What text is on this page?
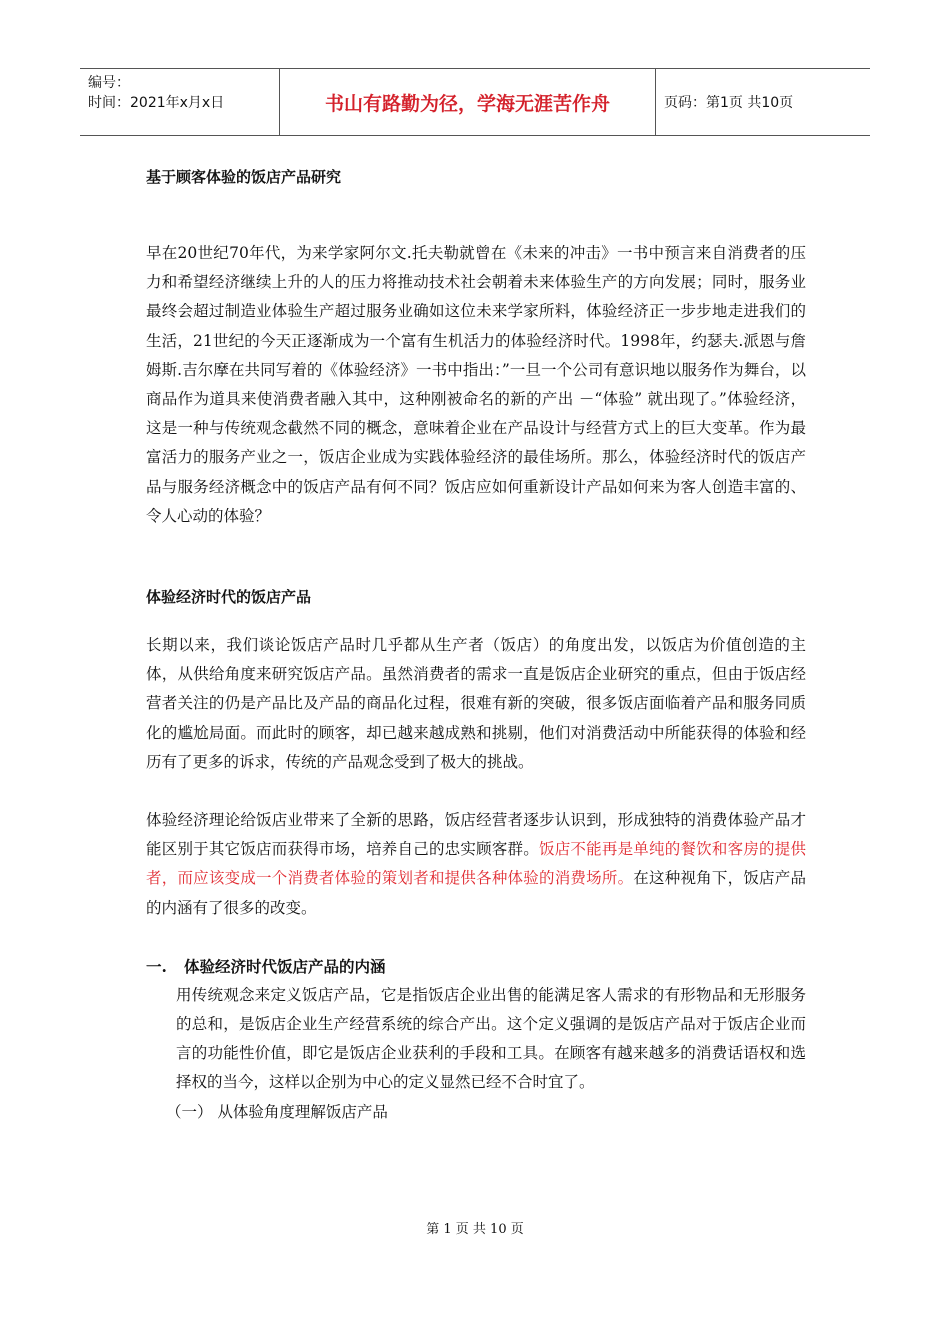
编号：
时间：2021年x月x日	书山有路勤为径，学海无涯苦作舟	页码：第1页 共10页

基于顾客体验的饭店产品研究

早在20世纪70年代，为来学家阿尔文.托夫勒就曾在《未来的冲击》一书中预言来自消费者的压力和希望经济继续上升的人的压力将推动技术社会朝着未来体验生产的方向发展；同时，服务业最终会超过制造业体验生产超过服务业确如这位未来学家所料，体验经济正一步步地走进我们的生活，21世纪的今天正逐渐成为一个富有生机活力的体验经济时代。1998年，约瑟夫.派恩与詹姆斯.吉尔摩在共同写着的《体验经济》一书中指出：”一旦一个公司有意识地以服务作为舞台，以商品作为道具来使消费者融入其中，这种刚被命名的新的产出 －“体验” 就出现了。”体验经济，这是一种与传统观念截然不同的概念，意味着企业在产品设计与经营方式上的巨大变革。作为最富活力的服务产业之一，饭店企业成为实践体验经济的最佳场所。那么，体验经济时代的饭店产品与服务经济概念中的饭店产品有何不同？饭店应如何重新设计产品如何来为客人创造丰富的、令人心动的体验？

体验经济时代的饭店产品

长期以来，我们谈论饭店产品时几乎都从生产者（饭店）的角度出发，以饭店为价值创造的主体，从供给角度来研究饭店产品。虽然消费者的需求一直是饭店企业研究的重点，但由于饭店经营者关注的仍是产品比及产品的商品化过程，很难有新的突破，很多饭店面临着产品和服务同质化的尴尬局面。而此时的顾客，却已越来越成熟和挑剔，他们对消费活动中所能获得的体验和经历有了更多的诉求，传统的产品观念受到了极大的挑战。

体验经济理论给饭店业带来了全新的思路，饭店经营者逐步认识到，形成独特的消费体验产品才能区别于其它饭店而获得市场，培养自己的忠实顾客群。饭店不能再是单纯的餐饮和客房的提供者，而应该变成一个消费者体验的策划者和提供各种体验的消费场所。在这种视角下，饭店产品的内涵有了很多的改变。

一. 体验经济时代饭店产品的内涵

用传统观念来定义饭店产品，它是指饭店企业出售的能满足客人需求的有形物品和无形服务的总和，是饭店企业生产经营系统的综合产出。这个定义强调的是饭店产品对于饭店企业而言的功能性价值，即它是饭店企业获利的手段和工具。在顾客有越来越多的消费话语权和选择权的当今，这样以企别为中心的定义显然已经不合时宜了。

（一） 从体验角度理解饭店产品

第 1 页 共 10 页
